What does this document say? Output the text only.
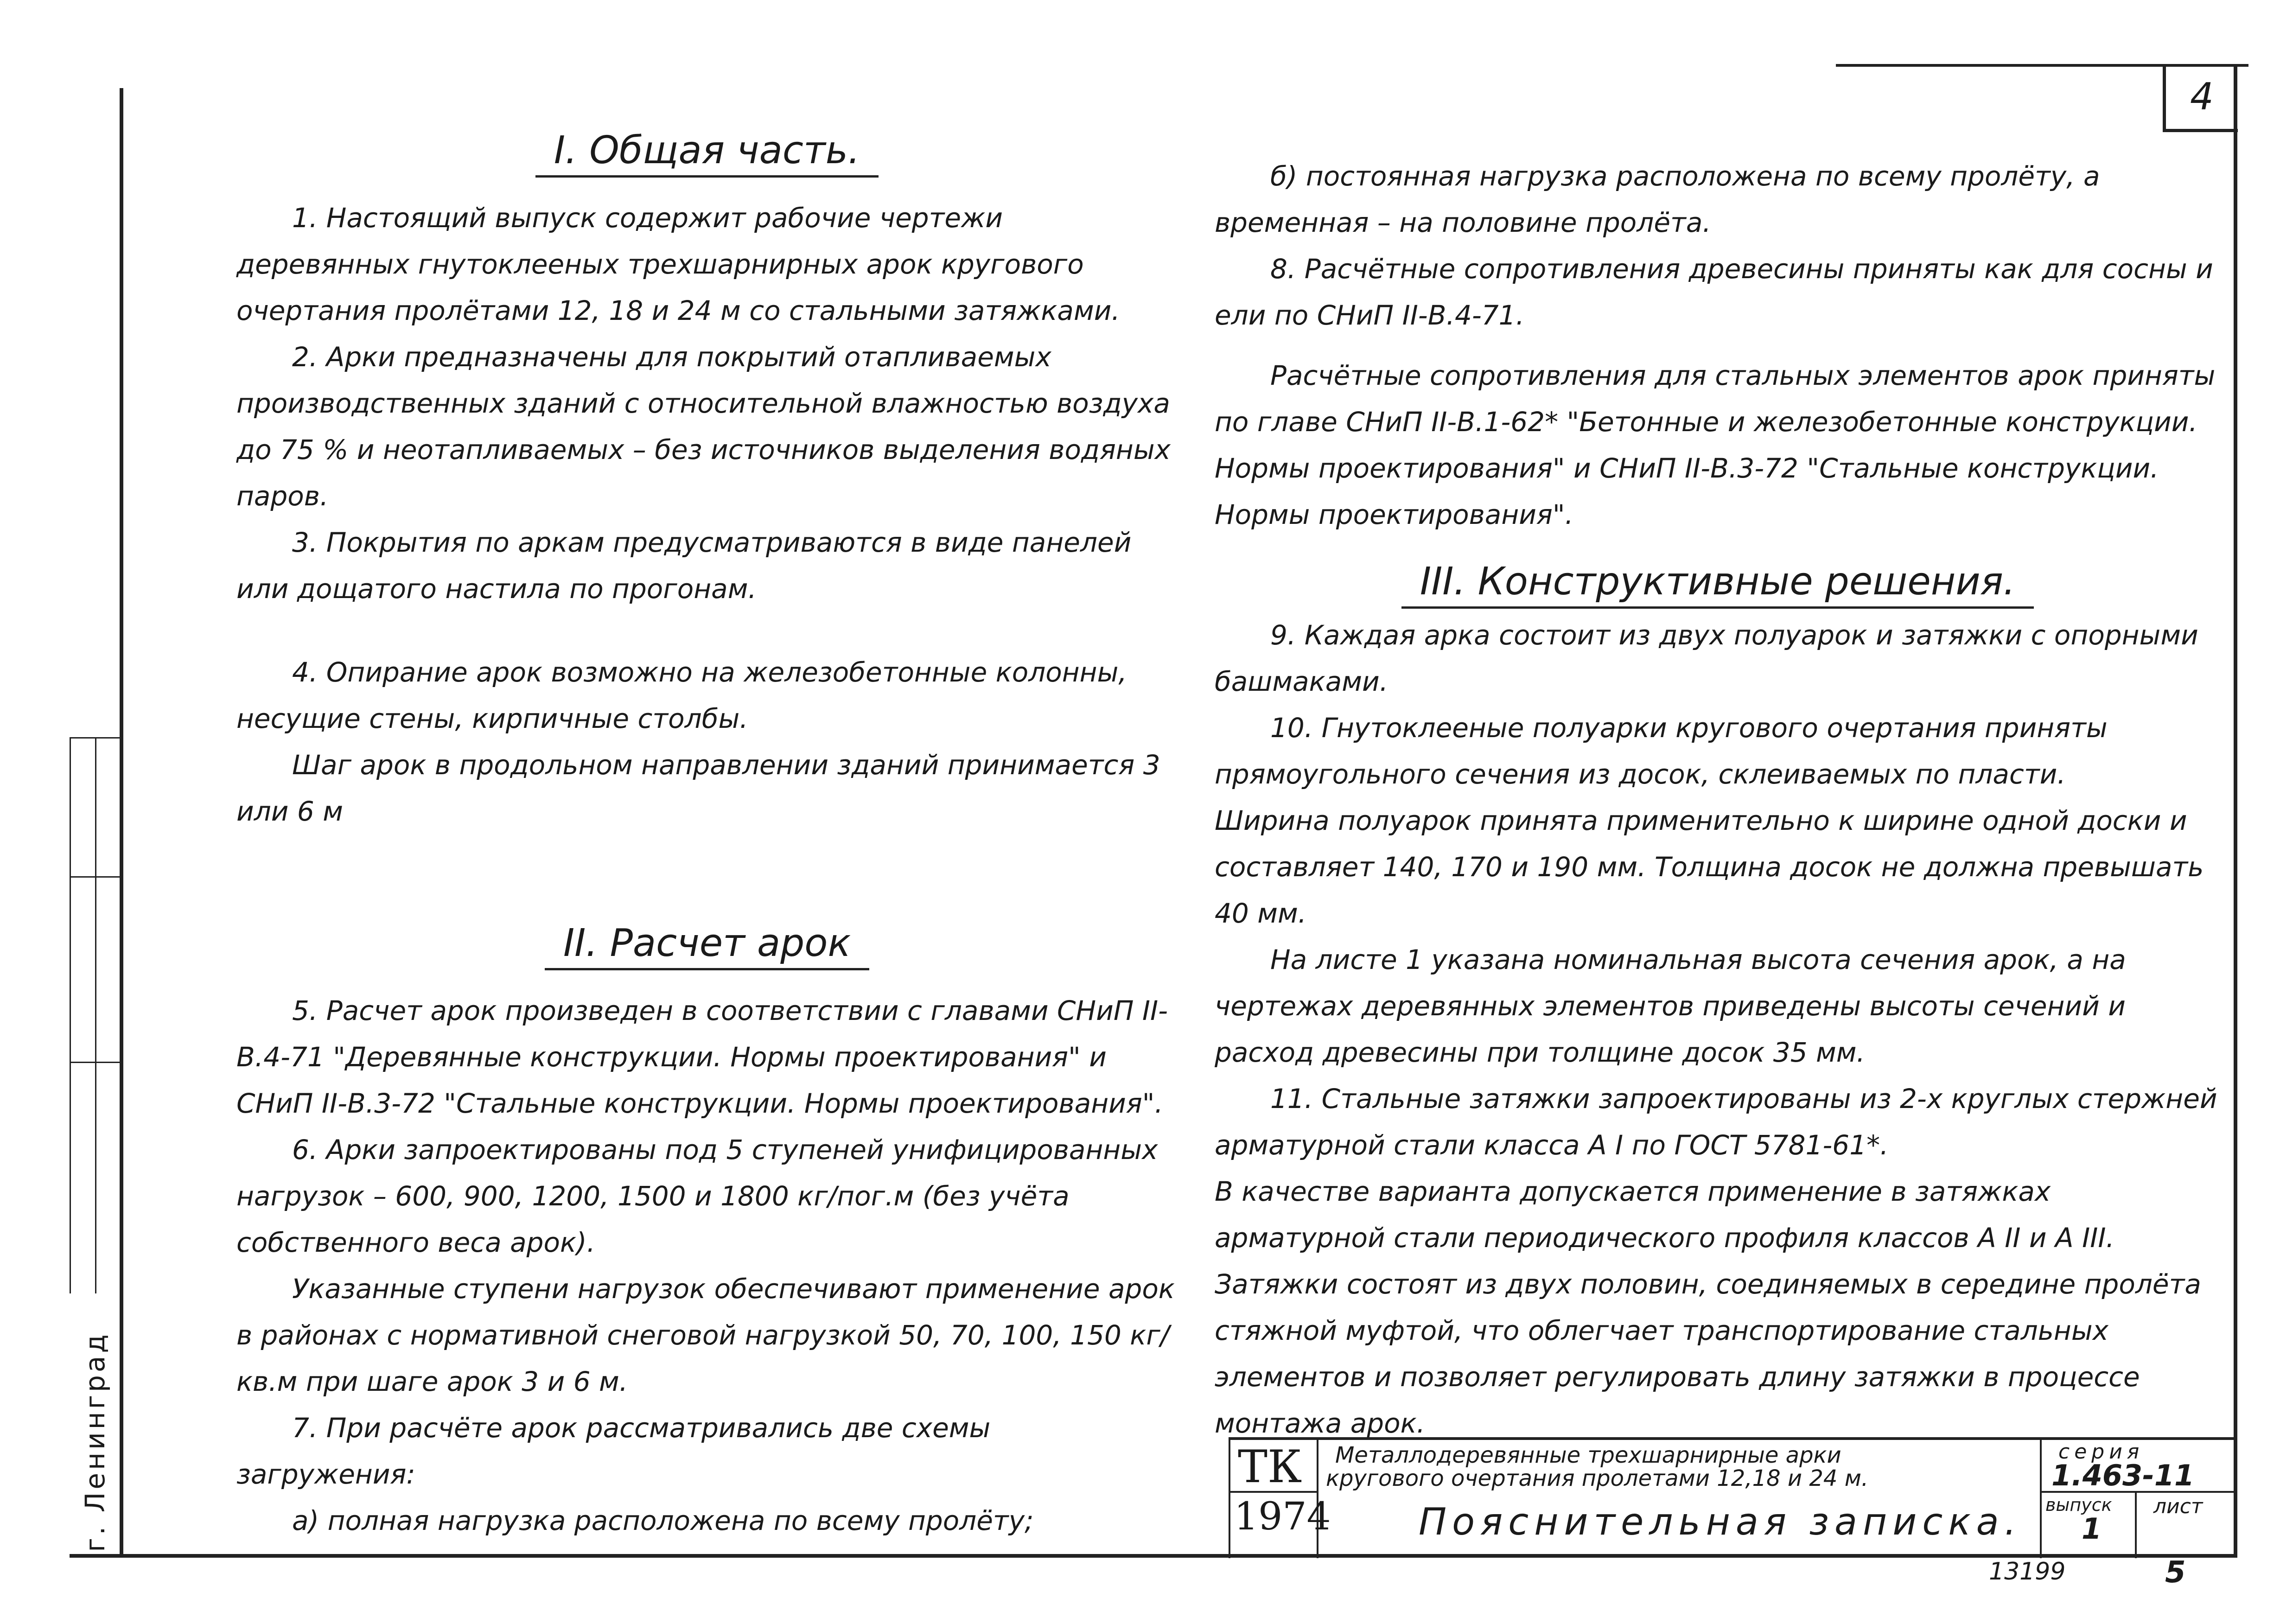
4
г. Ленинград
I. Общая часть.

1. Настоящий выпуск содержит рабочие чертежи деревянных гнутоклееных трехшарнирных арок кругового очертания пролётами 12, 18 и 24 м со стальными затяжками.

2. Арки предназначены для покрытий отапливаемых производственных зданий с относительной влажностью воздуха до 75 % и неотапливаемых – без источников выделения водяных паров.

3. Покрытия по аркам предусматриваются в виде панелей или дощатого настила по прогонам.

4. Опирание арок возможно на железобетонные колонны, несущие стены, кирпичные столбы.

Шаг арок в продольном направлении зданий принимается 3 или 6 м

II. Расчет арок

5. Расчет арок произведен в соответствии с главами СНиП II-В.4-71 "Деревянные конструкции. Нормы проектирования" и СНиП II-В.3-72 "Стальные конструкции. Нормы проектирования".

6. Арки запроектированы под 5 ступеней унифицированных нагрузок – 600, 900, 1200, 1500 и 1800 кг/пог.м (без учёта собственного веса арок).

Указанные ступени нагрузок обеспечивают применение арок в районах с нормативной снеговой нагрузкой 50, 70, 100, 150 кг/кв.м при шаге арок 3 и 6 м.

7. При расчёте арок рассматривались две схемы загружения:

а) полная нагрузка расположена по всему пролёту;

б) постоянная нагрузка расположена по всему пролёту, а временная – на половине пролёта.

8. Расчётные сопротивления древесины приняты как для сосны и ели по СНиП II-В.4-71.

Расчётные сопротивления для стальных элементов арок приняты по главе СНиП II-В.1-62* "Бетонные и железобетонные конструкции. Нормы проектирования" и СНиП II-В.3-72 "Стальные конструкции. Нормы проектирования".

III. Конструктивные решения.

9. Каждая арка состоит из двух полуарок и затяжки с опорными башмаками.

10. Гнутоклееные полуарки кругового очертания приняты прямоугольного сечения из досок, склеиваемых по пласти.

Ширина полуарок принята применительно к ширине одной доски и составляет 140, 170 и 190 мм. Толщина досок не должна превышать 40 мм.

На листе 1 указана номинальная высота сечения арок, а на чертежах деревянных элементов приведены высоты сечений и расход древесины при толщине досок 35 мм.

11. Стальные затяжки запроектированы из 2-х круглых стержней арматурной стали класса А I по ГОСТ 5781-61*.

В качестве варианта допускается применение в затяжках арматурной стали периодического профиля классов А II и А III.

Затяжки состоят из двух половин, соединяемых в середине пролёта стяжной муфтой, что облегчает транспортирование стальных элементов и позволяет регулировать длину затяжки в процессе монтажа арок.

ТК
1974
Металлодеревянные трехшарнирные арки
кругового очертания пролетами 12,18 и 24 м.
Пояснительная записка.
серия
1.463-11
выпуск
1
лист
13199	5
